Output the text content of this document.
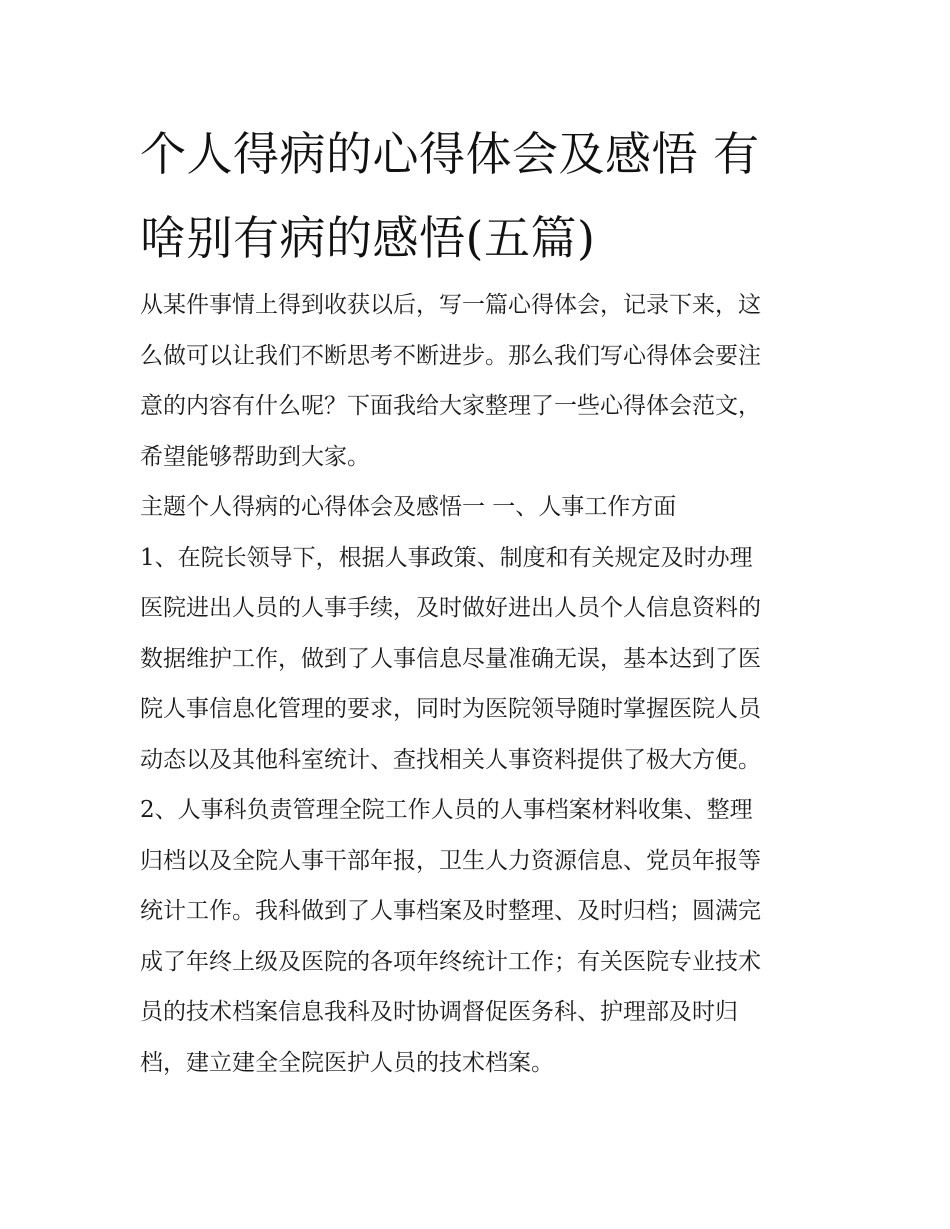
个人得病的心得体会及感悟 有
啥别有病的感悟(五篇)

从某件事情上得到收获以后，写一篇心得体会，记录下来，这
么做可以让我们不断思考不断进步。那么我们写心得体会要注
意的内容有什么呢？下面我给大家整理了一些心得体会范文，
希望能够帮助到大家。

主题个人得病的心得体会及感悟一 一、人事工作方面

1、在院长领导下，根据人事政策、制度和有关规定及时办理
医院进出人员的人事手续，及时做好进出人员个人信息资料的
数据维护工作，做到了人事信息尽量准确无误，基本达到了医
院人事信息化管理的要求，同时为医院领导随时掌握医院人员
动态以及其他科室统计、查找相关人事资料提供了极大方便。

2、人事科负责管理全院工作人员的人事档案材料收集、整理
归档以及全院人事干部年报，卫生人力资源信息、党员年报等
统计工作。我科做到了人事档案及时整理、及时归档；圆满完
成了年终上级及医院的各项年终统计工作；有关医院专业技术
员的技术档案信息我科及时协调督促医务科、护理部及时归
档，建立建全全院医护人员的技术档案。
